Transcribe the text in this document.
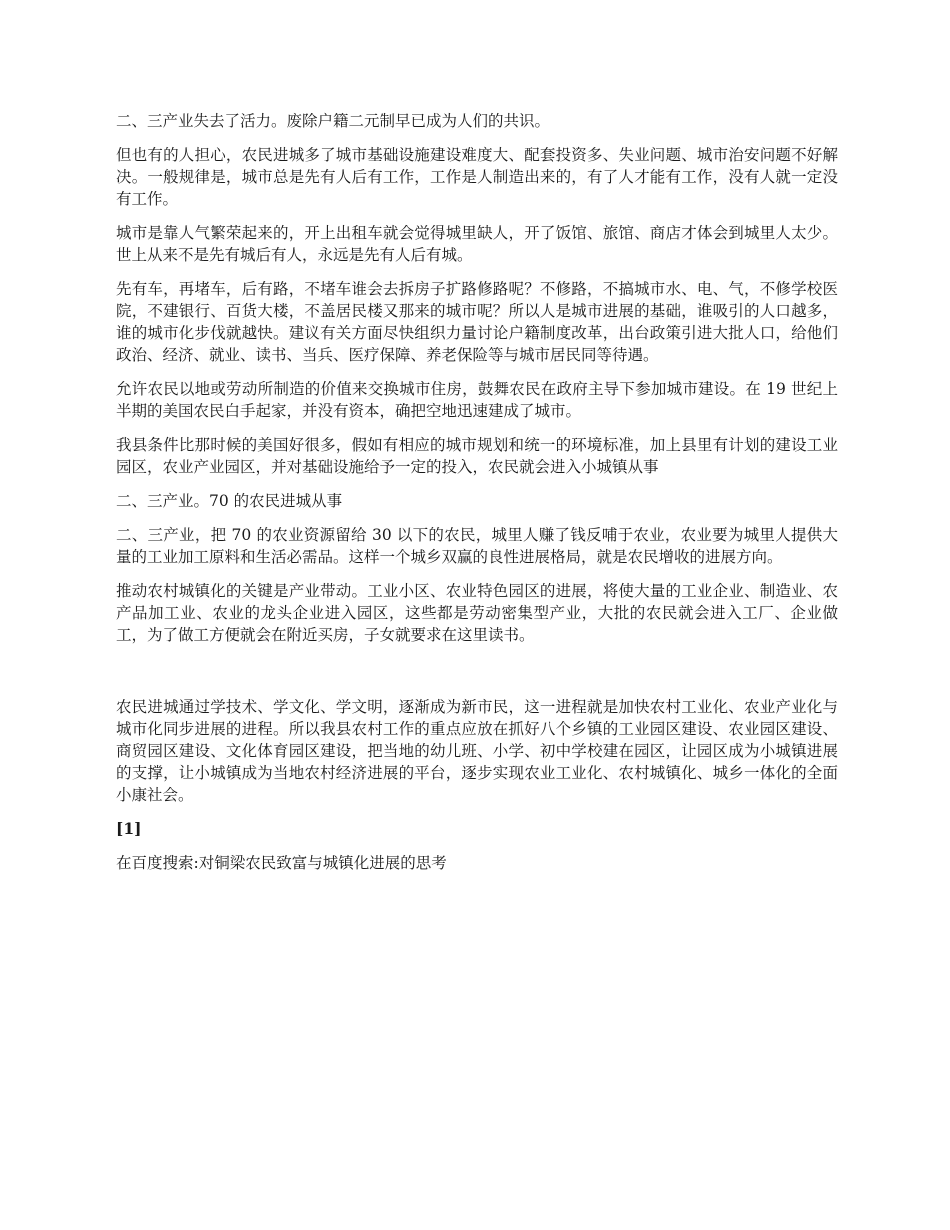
二、三产业失去了活力。废除户籍二元制早已成为人们的共识。

但也有的人担心，农民进城多了城市基础设施建设难度大、配套投资多、失业问题、城市治安问题不好解决。一般规律是，城市总是先有人后有工作，工作是人制造出来的，有了人才能有工作，没有人就一定没有工作。

城市是靠人气繁荣起来的，开上出租车就会觉得城里缺人，开了饭馆、旅馆、商店才体会到城里人太少。世上从来不是先有城后有人，永远是先有人后有城。

先有车，再堵车，后有路，不堵车谁会去拆房子扩路修路呢？不修路，不搞城市水、电、气，不修学校医院，不建银行、百货大楼，不盖居民楼又那来的城市呢？所以人是城市进展的基础，谁吸引的人口越多，谁的城市化步伐就越快。建议有关方面尽快组织力量讨论户籍制度改革，出台政策引进大批人口，给他们政治、经济、就业、读书、当兵、医疗保障、养老保险等与城市居民同等待遇。

允许农民以地或劳动所制造的价值来交换城市住房，鼓舞农民在政府主导下参加城市建设。在 19 世纪上半期的美国农民白手起家，并没有资本，确把空地迅速建成了城市。

我县条件比那时候的美国好很多，假如有相应的城市规划和统一的环境标准，加上县里有计划的建设工业园区，农业产业园区，并对基础设施给予一定的投入，农民就会进入小城镇从事

二、三产业。70 的农民进城从事

二、三产业，把 70 的农业资源留给 30 以下的农民，城里人赚了钱反哺于农业，农业要为城里人提供大量的工业加工原料和生活必需品。这样一个城乡双赢的良性进展格局，就是农民增收的进展方向。

推动农村城镇化的关键是产业带动。工业小区、农业特色园区的进展，将使大量的工业企业、制造业、农产品加工业、农业的龙头企业进入园区，这些都是劳动密集型产业，大批的农民就会进入工厂、企业做工，为了做工方便就会在附近买房，子女就要求在这里读书。

农民进城通过学技术、学文化、学文明，逐渐成为新市民，这一进程就是加快农村工业化、农业产业化与城市化同步进展的进程。所以我县农村工作的重点应放在抓好八个乡镇的工业园区建设、农业园区建设、商贸园区建设、文化体育园区建设，把当地的幼儿班、小学、初中学校建在园区，让园区成为小城镇进展的支撑，让小城镇成为当地农村经济进展的平台，逐步实现农业工业化、农村城镇化、城乡一体化的全面小康社会。

[1]

在百度搜索:对铜梁农民致富与城镇化进展的思考
